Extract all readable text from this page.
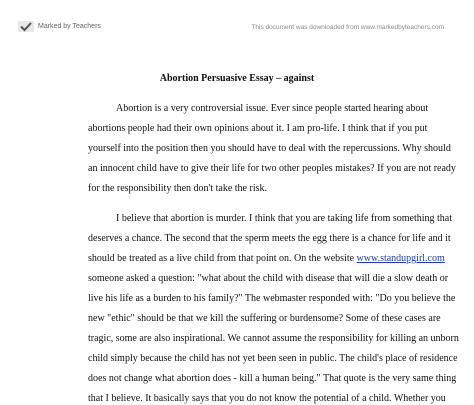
Marked by Teachers	This document was downloaded from www.markedbyteachers.com
Abortion Persuasive Essay – against
Abortion is a very controversial issue. Ever since people started hearing about
abortions people had their own opinions about it. I am pro-life. I think that if you put
yourself into the position then you should have to deal with the repercussions. Why should
an innocent child have to give their life for two other peoples mistakes? If you are not ready
for the responsibility then don't take the risk.
I believe that abortion is murder. I think that you are taking life from something that
deserves a chance. The second that the sperm meets the egg there is a chance for life and it
should be treated as a live child from that point on. On the website www.standupgirl.com
someone asked a question: "what about the child with disease that will die a slow death or
live his life as a burden to his family?" The webmaster responded with: "Do you believe the
new "ethic" should be that we kill the suffering or burdensome? Some of these cases are
tragic, some are also inspirational. We cannot assume the responsibility for killing an unborn
child simply because the child has not yet been seen in public. The child's place of residence
does not change what abortion does - kill a human being." That quote is the very same thing
that I believe. It basically says that you do not know the potential of a child. Whether you
